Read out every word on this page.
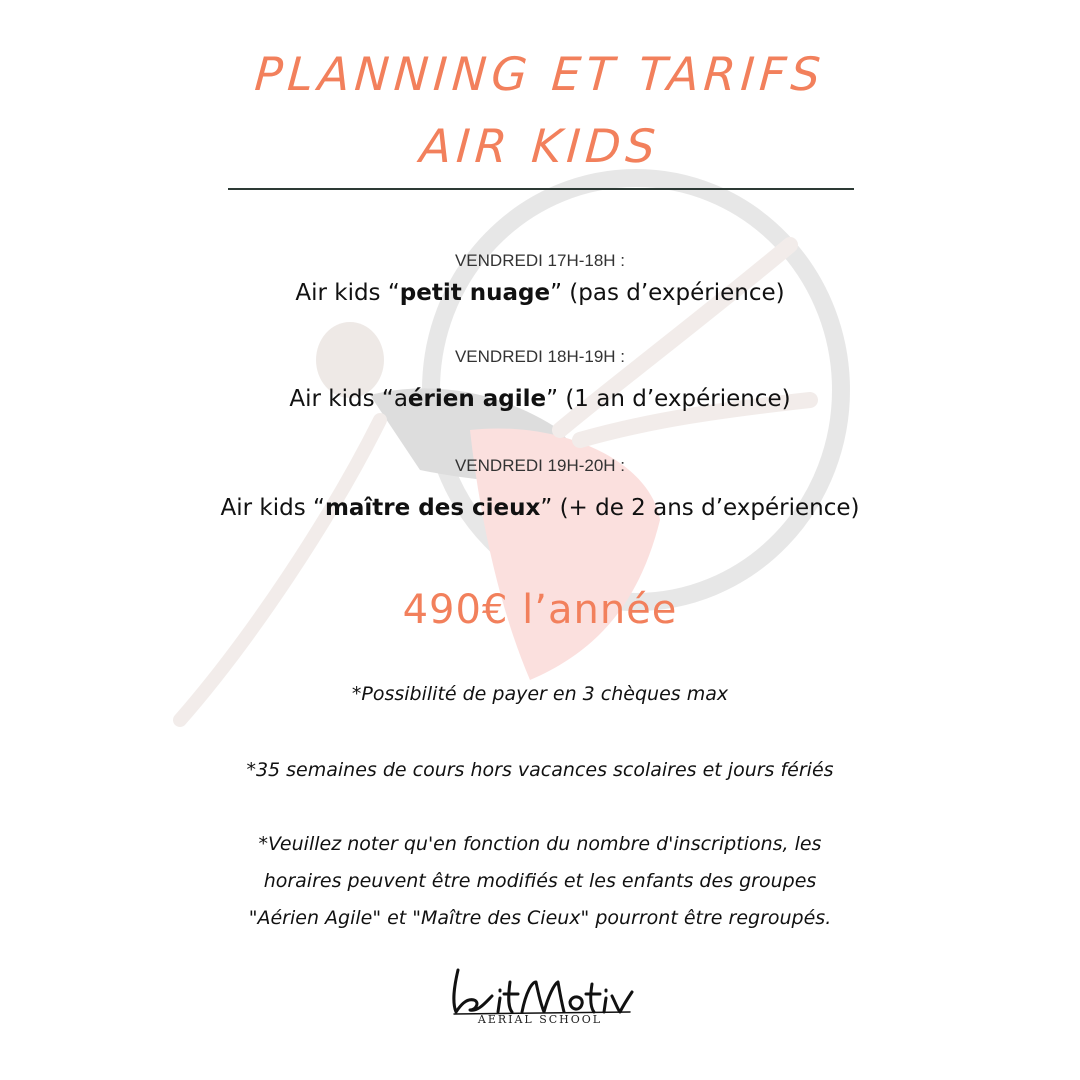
PLANNING ET TARIFS
AIR KIDS
VENDREDI 17H-18H :
Air kids “petit nuage” (pas d’expérience)
VENDREDI 18H-19H :
Air kids “aérien agile” (1 an d’expérience)
VENDREDI 19H-20H :
Air kids “maître des cieux” (+ de 2 ans d’expérience)
490€ l’année
*Possibilité de payer en 3 chèques max
*35 semaines de cours hors vacances scolaires et jours fériés
*Veuillez noter qu'en fonction du nombre d'inscriptions, les
horaires peuvent être modifiés et les enfants des groupes
"Aérien Agile" et "Maître des Cieux" pourront être regroupés.
AERIAL SCHOOL
